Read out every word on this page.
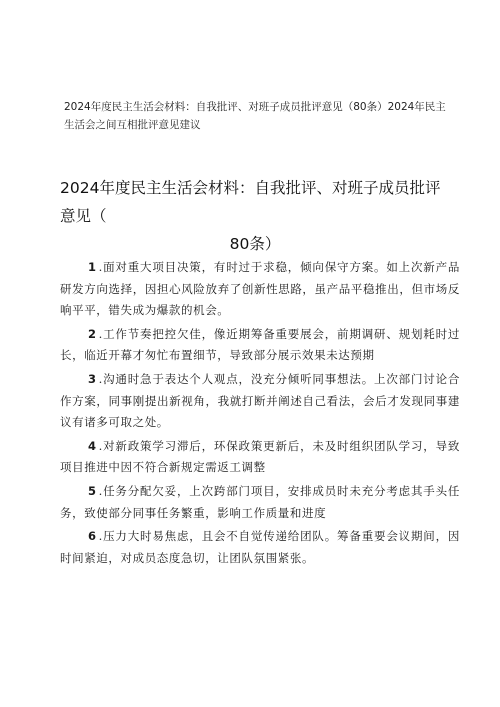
2024年度民主生活会材料：自我批评、对班子成员批评意见（80条）2024年民主生活会之间互相批评意见建议
2024年度民主生活会材料：自我批评、对班子成员批评意见（
80条）

1 .面对重大项目决策，有时过于求稳，倾向保守方案。如上次新产品研发方向选择，因担心风险放弃了创新性思路，虽产品平稳推出，但市场反响平平，错失成为爆款的机会。

2 .工作节奏把控欠佳，像近期筹备重要展会，前期调研、规划耗时过长，临近开幕才匆忙布置细节，导致部分展示效果未达预期

3 .沟通时急于表达个人观点，没充分倾听同事想法。上次部门讨论合作方案，同事刚提出新视角，我就打断并阐述自己看法，会后才发现同事建议有诸多可取之处。

4 .对新政策学习滞后，环保政策更新后，未及时组织团队学习，导致项目推进中因不符合新规定需返工调整

5 .任务分配欠妥，上次跨部门项目，安排成员时未充分考虑其手头任务，致使部分同事任务繁重，影响工作质量和进度

6 .压力大时易焦虑，且会不自觉传递给团队。筹备重要会议期间，因时间紧迫，对成员态度急切，让团队氛围紧张。
